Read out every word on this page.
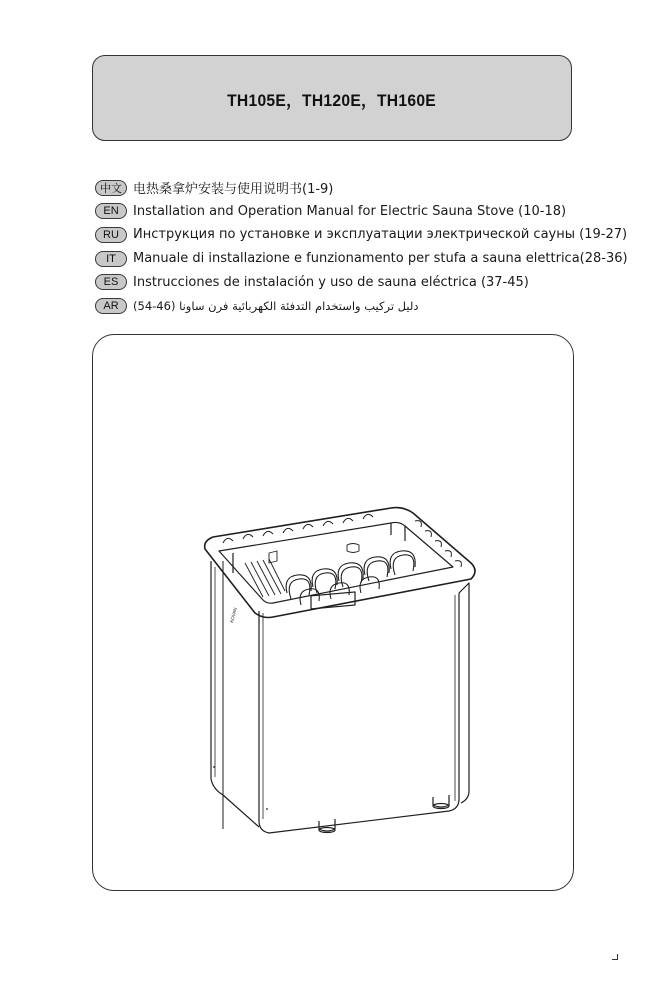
TH105E，TH120E，TH160E
中文 电热桑拿炉安装与使用说明书(1-9)
EN	Installation and Operation Manual for Electric Sauna Stove (10-18)
RU	Инструкция по установке и эксплуатации электрической сауны (19-27)
IT	Manuale di installazione e funzionamento per stufa a sauna elettrica(28-36)
ES	Instrucciones de instalación y uso de sauna eléctrica (37-45)
AR	دليل تركيب واستخدام التدفئة الكهربائية فرن ساونا (46-54)
KOVAN
